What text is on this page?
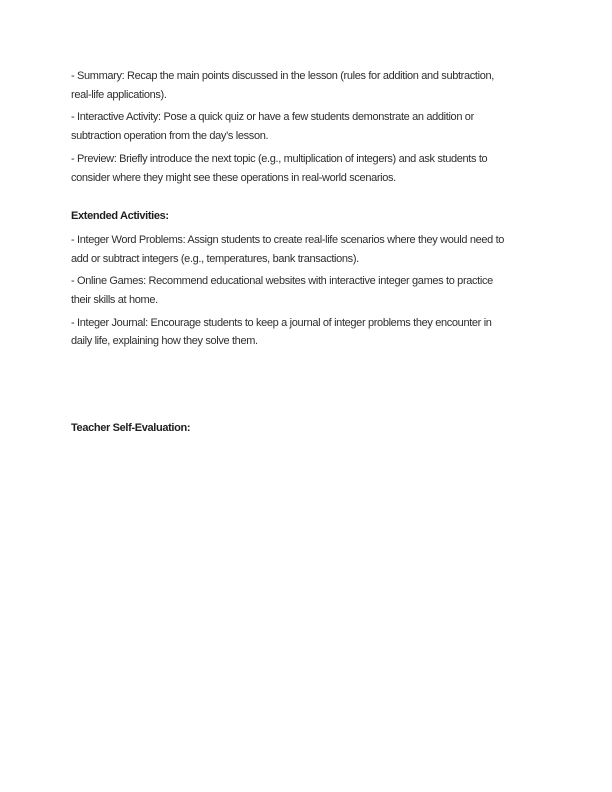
- Summary: Recap the main points discussed in the lesson (rules for addition and subtraction,
real-life applications).
- Interactive Activity: Pose a quick quiz or have a few students demonstrate an addition or
subtraction operation from the day’s lesson.
- Preview: Briefly introduce the next topic (e.g., multiplication of integers) and ask students to
consider where they might see these operations in real-world scenarios.
Extended Activities:
- Integer Word Problems: Assign students to create real-life scenarios where they would need to
add or subtract integers (e.g., temperatures, bank transactions).
- Online Games: Recommend educational websites with interactive integer games to practice
their skills at home.
- Integer Journal: Encourage students to keep a journal of integer problems they encounter in
daily life, explaining how they solve them.
Teacher Self-Evaluation:
